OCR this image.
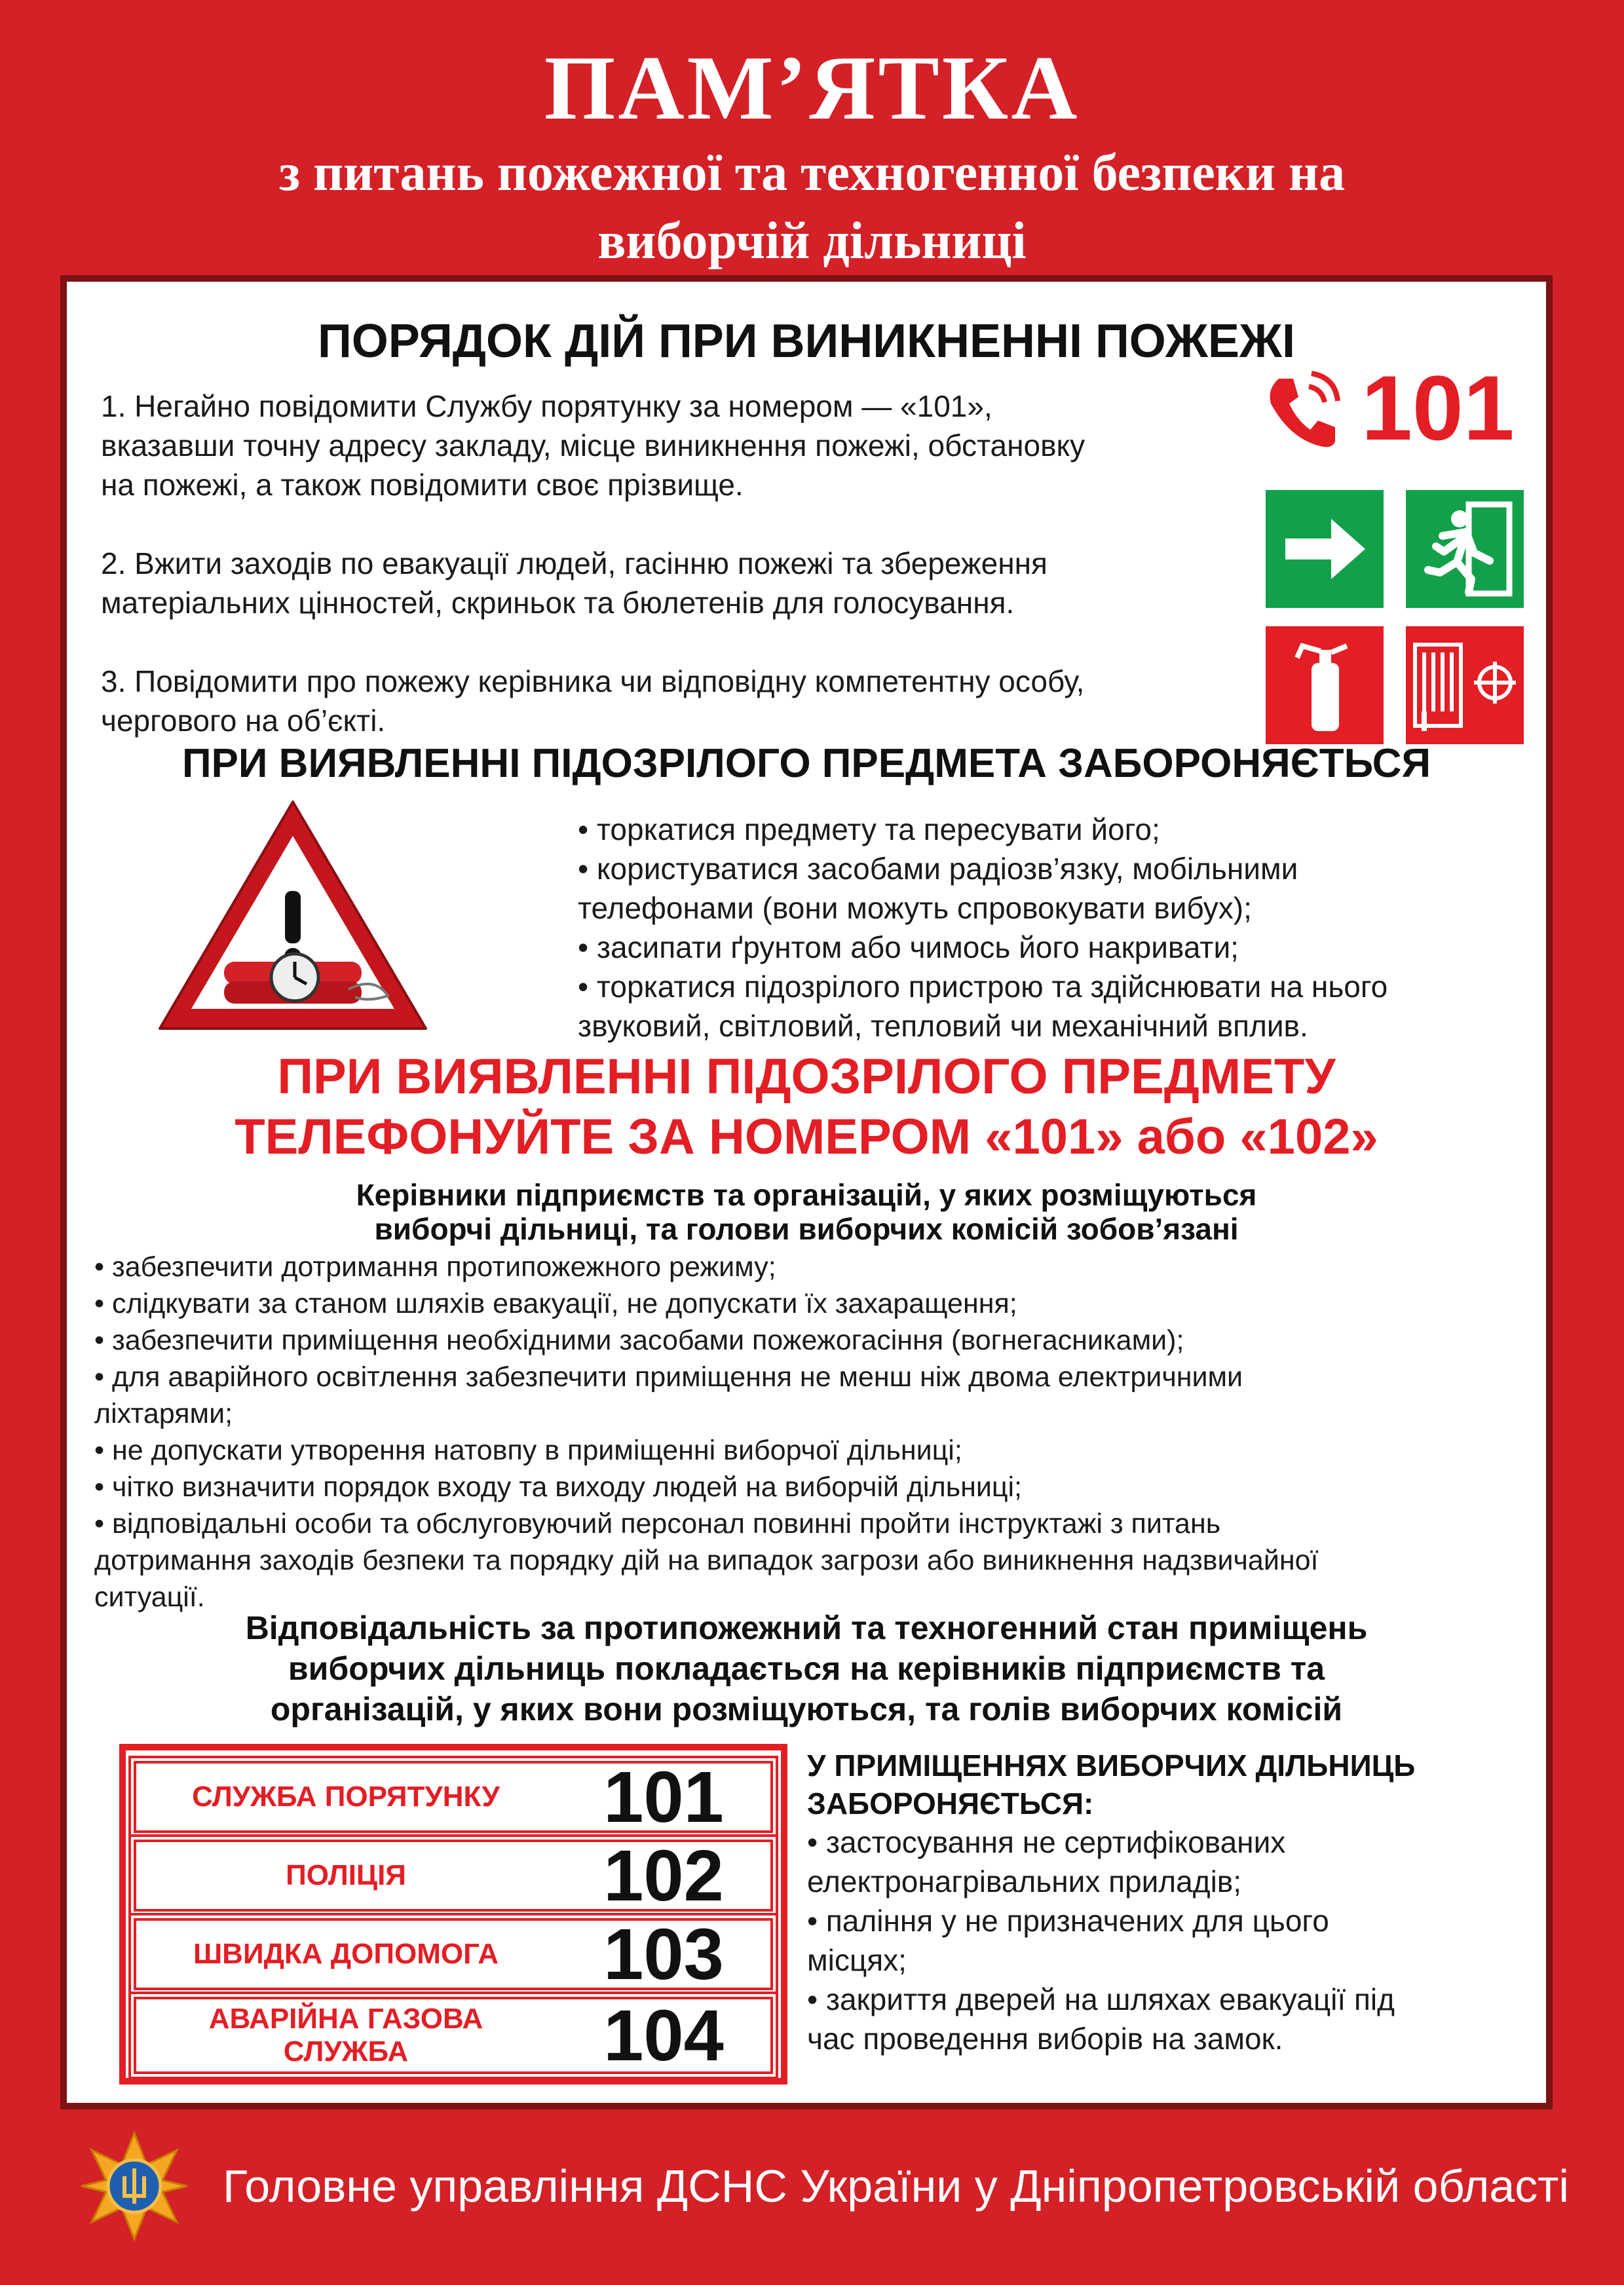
ПАМ’ЯТКА
з питань пожежної та техногенної безпеки на
виборчій дільниці
ПОРЯДОК ДІЙ ПРИ ВИНИКНЕННІ ПОЖЕЖІ
1. Негайно повідомити Службу порятунку за номером — «101»,
вказавши точну адресу закладу, місце виникнення пожежі, обстановку
на пожежі, а також повідомити своє прізвище.
2. Вжити заходів по евакуації людей, гасінню пожежі та збереження
матеріальних цінностей, скриньок та бюлетенів для голосування.
3. Повідомити про пожежу керівника чи відповідну компетентну особу,
чергового на об’єкті.
101
ПРИ ВИЯВЛЕННІ ПІДОЗРІЛОГО ПРЕДМЕТА ЗАБОРОНЯЄТЬСЯ
• торкатися предмету та пересувати його;
• користуватися засобами радіозв’язку, мобільними
телефонами (вони можуть спровокувати вибух);
• засипати ґрунтом або чимось його накривати;
• торкатися підозрілого пристрою та здійснювати на нього
звуковий, світловий, тепловий чи механічний вплив.
ПРИ ВИЯВЛЕННІ ПІДОЗРІЛОГО ПРЕДМЕТУ
ТЕЛЕФОНУЙТЕ ЗА НОМЕРОМ «101» або «102»
Керівники підприємств та організацій, у яких розміщуються
виборчі дільниці, та голови виборчих комісій зобов’язані
• забезпечити дотримання протипожежного режиму;
• слідкувати за станом шляхів евакуації, не допускати їх захаращення;
• забезпечити приміщення необхідними засобами пожежогасіння (вогнегасниками);
• для аварійного освітлення забезпечити приміщення не менш ніж двома електричними
ліхтарями;
• не допускати утворення натовпу в приміщенні виборчої дільниці;
• чітко визначити порядок входу та виходу людей на виборчій дільниці;
• відповідальні особи та обслуговуючий персонал повинні пройти інструктажі з питань
дотримання заходів безпеки та порядку дій на випадок загрози або виникнення надзвичайної
ситуації.
Відповідальність за протипожежний та техногенний стан приміщень
виборчих дільниць покладається на керівників підприємств та
організацій, у яких вони розміщуються, та голів виборчих комісій
СЛУЖБА ПОРЯТУНКУ	101
ПОЛІЦІЯ	102
ШВИДКА ДОПОМОГА	103
АВАРІЙНА ГАЗОВА СЛУЖБА	104
У ПРИМІЩЕННЯХ ВИБОРЧИХ ДІЛЬНИЦЬ
ЗАБОРОНЯЄТЬСЯ:
• застосування не сертифікованих
електронагрівальних приладів;
• паління у не призначених для цього
місцях;
• закриття дверей на шляхах евакуації під
час проведення виборів на замок.
Головне управління ДСНС України у Дніпропетровській області
